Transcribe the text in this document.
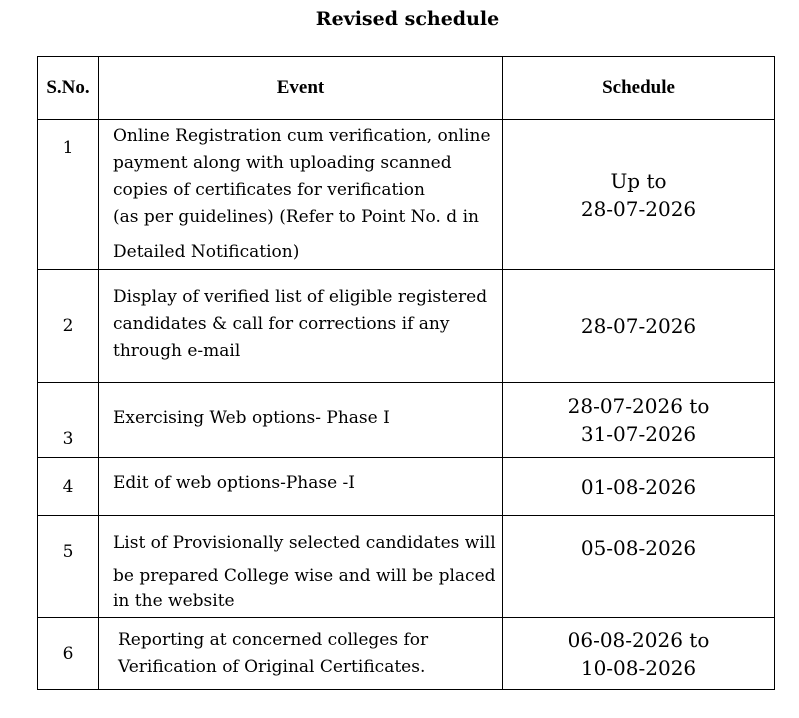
Revised schedule
S.No.	Event	Schedule
1	Online Registration cum verification, online
payment along with uploading scanned
copies of certificates for verification
(as per guidelines) (Refer to Point No. d in
Detailed Notification)	Up to
28-07-2026

2	Display of verified list of eligible registered
candidates & call for corrections if any
through e-mail	28-07-2026

3	Exercising Web options- Phase I	28-07-2026 to
31-07-2026

4	Edit of web options-Phase -I	01-08-2026

5	List of Provisionally selected candidates will
be prepared College wise and will be placed
in the website	05-08-2026

6	Reporting at concerned colleges for
Verification of Original Certificates.	06-08-2026 to
10-08-2026
